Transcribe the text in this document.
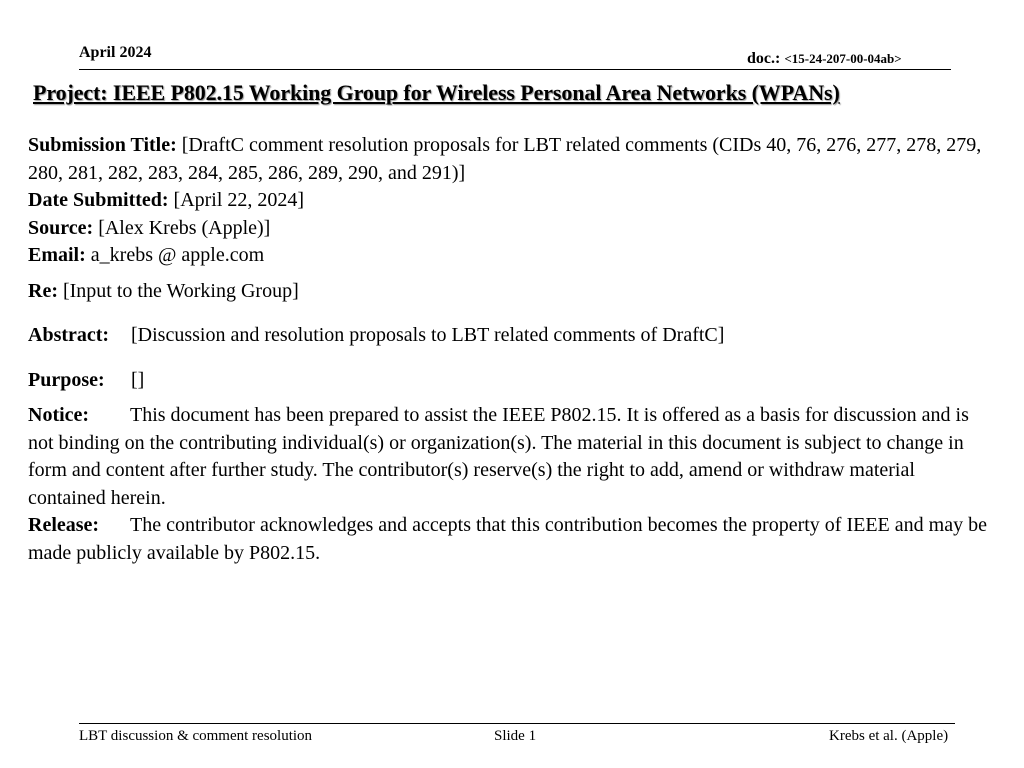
April 2024	doc.: <15-24-207-00-04ab>
Project: IEEE P802.15 Working Group for Wireless Personal Area Networks (WPANs)

Submission Title: [DraftC comment resolution proposals for LBT related comments (CIDs 40, 76, 276, 277, 278, 279, 280, 281, 282, 283, 284, 285, 286, 289, 290, and 291)]

Date Submitted: [April 22, 2024]

Source: [Alex Krebs (Apple)]

Email: a_krebs @ apple.com

Re: [Input to the Working Group]

Abstract: [Discussion and resolution proposals to LBT related comments of DraftC]

Purpose: []

Notice: This document has been prepared to assist the IEEE P802.15. It is offered as a basis for discussion and is not binding on the contributing individual(s) or organization(s). The material in this document is subject to change in form and content after further study. The contributor(s) reserve(s) the right to add, amend or withdraw material contained herein.

Release: The contributor acknowledges and accepts that this contribution becomes the property of IEEE and may be made publicly available by P802.15.

LBT discussion & comment resolution	Slide 1	Krebs et al. (Apple)
